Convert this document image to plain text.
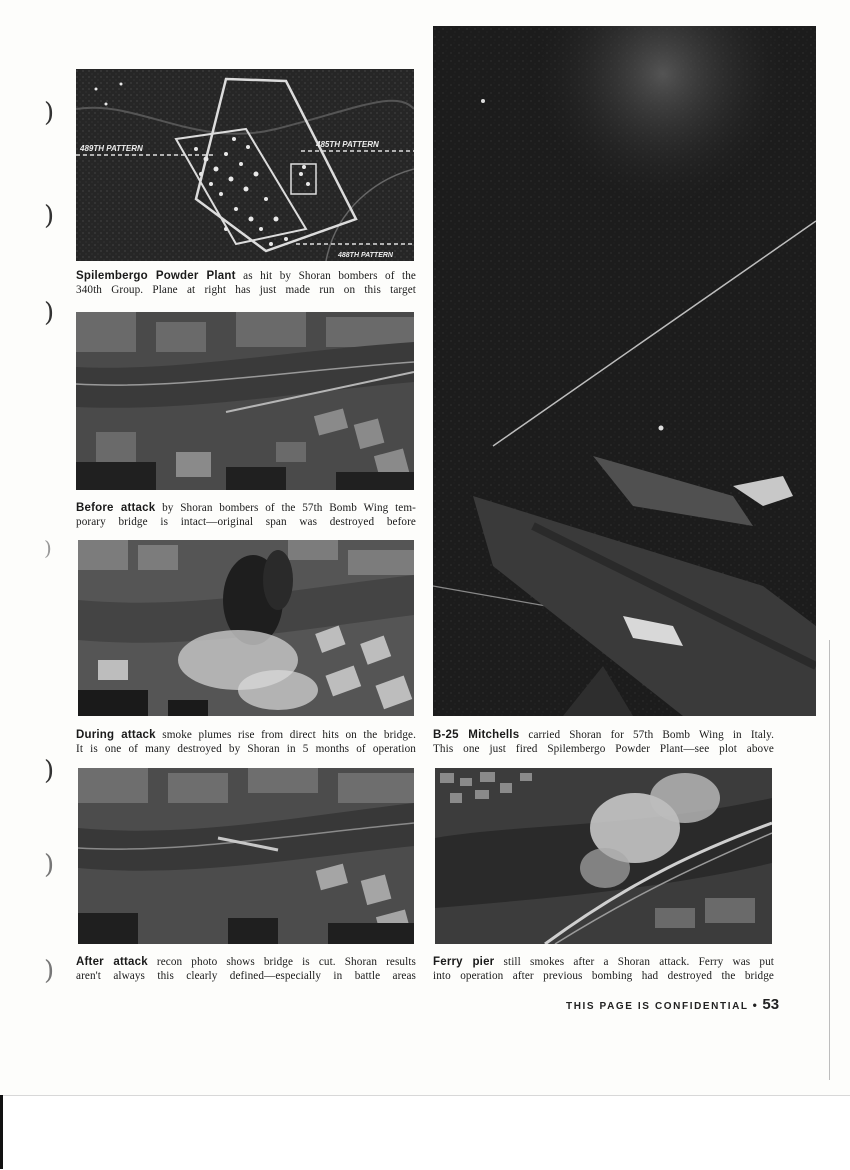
)
)
)
)
)
)
)
489TH PATTERN	485TH PATTERN
488TH PATTERN
Spilembergo Powder Plant as hit by Shoran bombers of the
340th Group. Plane at right has just made run on this target
Before attack by Shoran bombers of the 57th Bomb Wing tem-
porary bridge is intact—original span was destroyed before
During attack smoke plumes rise from direct hits on the bridge.
It is one of many destroyed by Shoran in 5 months of operation
After attack recon photo shows bridge is cut. Shoran results
aren't always this clearly defined—especially in battle areas
B-25 Mitchells carried Shoran for 57th Bomb Wing in Italy.
This one just fired Spilembergo Powder Plant—see plot above
Ferry pier still smokes after a Shoran attack. Ferry was put
into operation after previous bombing had destroyed the bridge
THIS PAGE IS CONFIDENTIAL • 53
